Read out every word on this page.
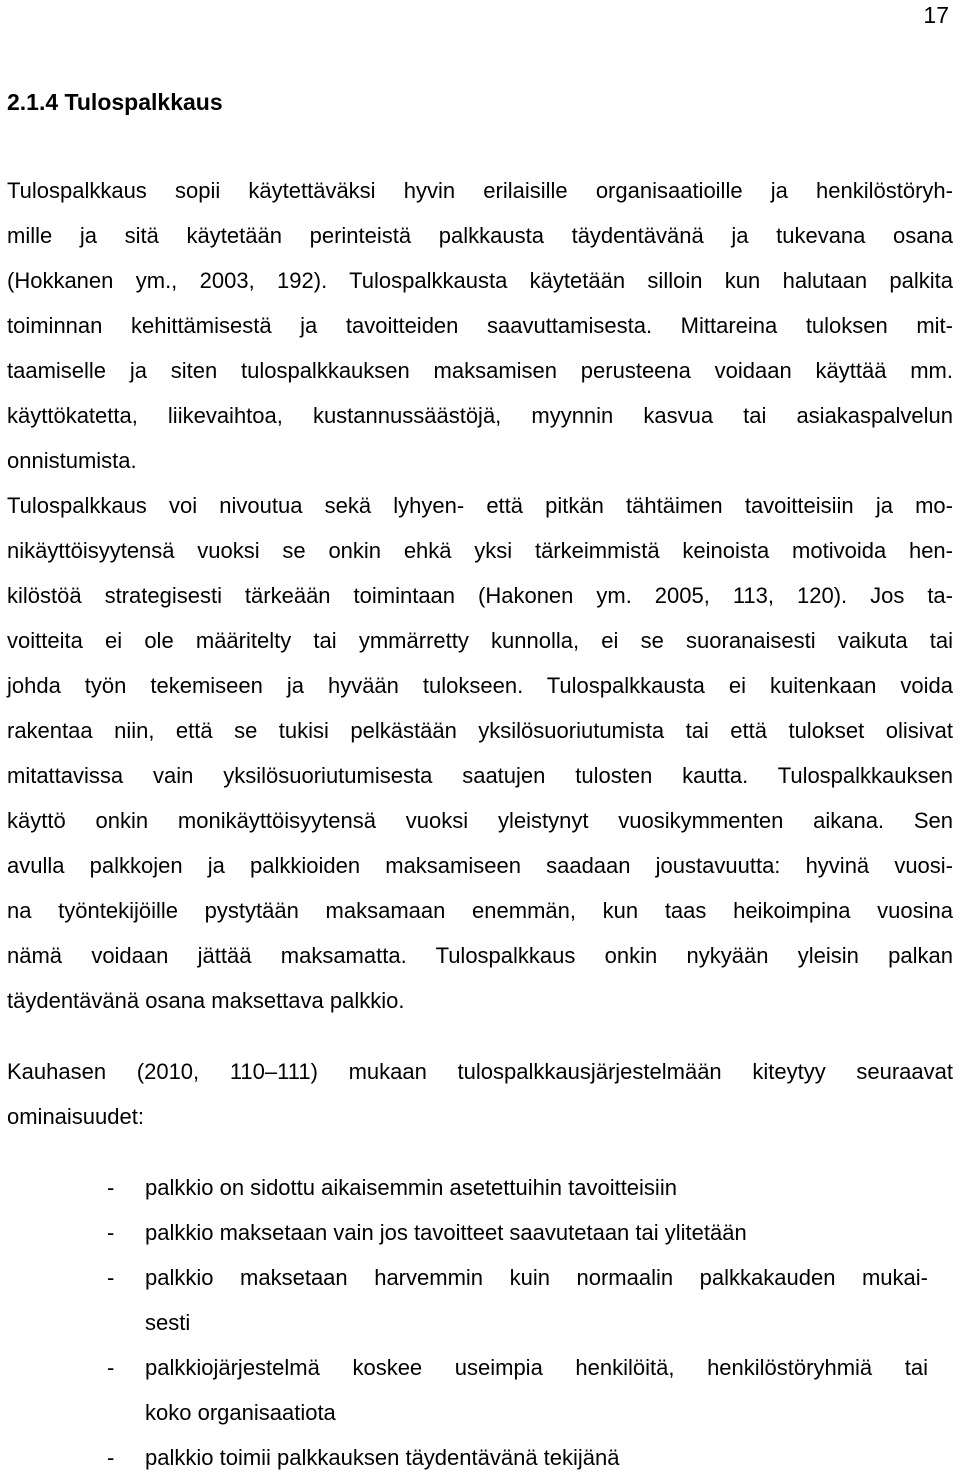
17
2.1.4 Tulospalkkaus
Tulospalkkaus sopii käytettäväksi hyvin erilaisille organisaatioille ja henkilöstöryh-
mille ja sitä käytetään perinteistä palkkausta täydentävänä ja tukevana osana
(Hokkanen ym., 2003, 192). Tulospalkkausta käytetään silloin kun halutaan palkita
toiminnan kehittämisestä ja tavoitteiden saavuttamisesta. Mittareina tuloksen mit-
taamiselle ja siten tulospalkkauksen maksamisen perusteena voidaan käyttää mm.
käyttökatetta, liikevaihtoa, kustannussäästöjä, myynnin kasvua tai asiakaspalvelun
onnistumista.
Tulospalkkaus voi nivoutua sekä lyhyen- että pitkän tähtäimen tavoitteisiin ja mo-
nikäyttöisyytensä vuoksi se onkin ehkä yksi tärkeimmistä keinoista motivoida hen-
kilöstöä strategisesti tärkeään toimintaan (Hakonen ym. 2005, 113, 120). Jos ta-
voitteita ei ole määritelty tai ymmärretty kunnolla, ei se suoranaisesti vaikuta tai
johda työn tekemiseen ja hyvään tulokseen. Tulospalkkausta ei kuitenkaan voida
rakentaa niin, että se tukisi pelkästään yksilösuoriutumista tai että tulokset olisivat
mitattavissa vain yksilösuoriutumisesta saatujen tulosten kautta. Tulospalkkauksen
käyttö onkin monikäyttöisyytensä vuoksi yleistynyt vuosikymmenten aikana. Sen
avulla palkkojen ja palkkioiden maksamiseen saadaan joustavuutta: hyvinä vuosi-
na työntekijöille pystytään maksamaan enemmän, kun taas heikoimpina vuosina
nämä voidaan jättää maksamatta. Tulospalkkaus onkin nykyään yleisin palkan
täydentävänä osana maksettava palkkio.
Kauhasen (2010, 110–111) mukaan tulospalkkausjärjestelmään kiteytyy seuraavat
ominaisuudet:
- palkkio on sidottu aikaisemmin asetettuihin tavoitteisiin
- palkkio maksetaan vain jos tavoitteet saavutetaan tai ylitetään
- palkkio maksetaan harvemmin kuin normaalin palkkakauden mukai-
sesti
- palkkiojärjestelmä koskee useimpia henkilöitä, henkilöstöryhmiä tai
koko organisaatiota
- palkkio toimii palkkauksen täydentävänä tekijänä
